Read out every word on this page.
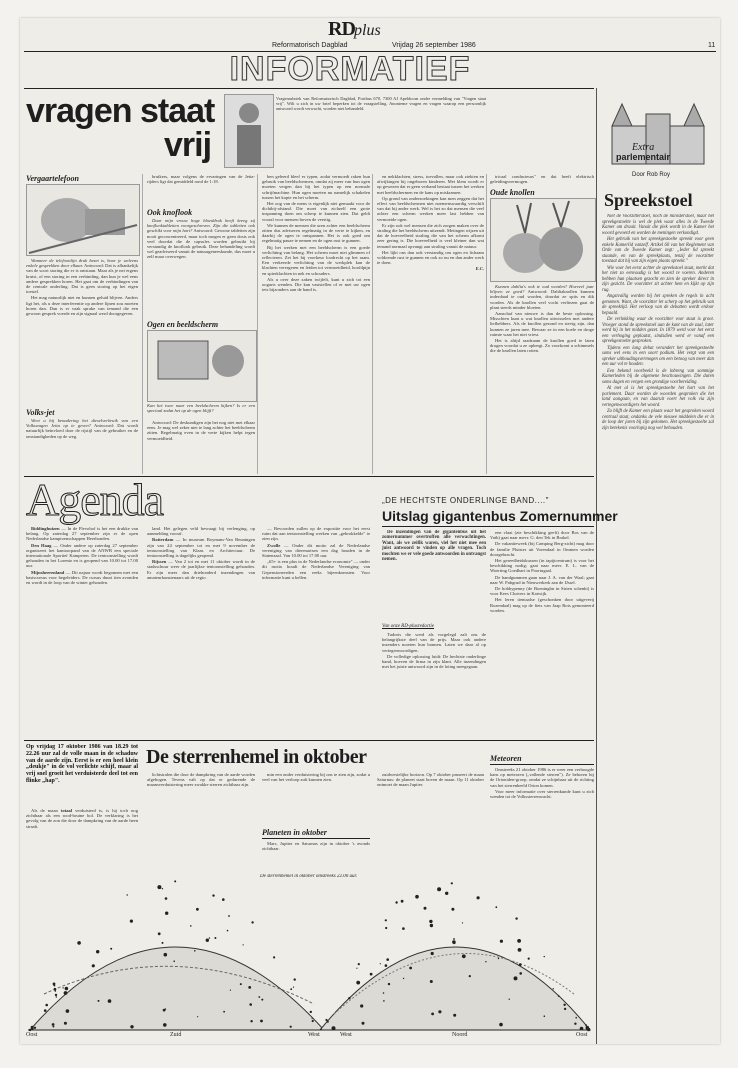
RD plus
Reformatorisch Dagblad	Vrijdag 26 september 1986	11
INFORMATIEF
vragen staat
vrij
Vragenrubriek van Reformatorisch Dagblad, Postbus 670, 7300 AJ Apeldoorn onder vermelding van "Vragen staat vrij". Wilt u zich in uw brief beperken tot de vraagstelling. Anonieme vragen en vragen waarop een persoonlijk antwoord wordt verwacht, worden niet behandeld.
Vergaartelefoon

Wanneer de telefoonlijn druk bezet is, hoor je weleens enkele gesprekken door elkaar. Antwoord: Dat is afhankelijk van de soort storing die er is ontstaan. Maar als je net ergens kruist, of een storing in een verbinding, dan kun je wel eens andere gesprekken horen. Het gaat om de verbindingen van de centrale onderling. Dat is geen storing op het eigen toestel.

Het mag natuurlijk niet en kunnen geluid blijven. Anders ligt het, als u deze interferentie op andere lijnen zou moeten horen dan. Dan is er vaak sprake van iemand die een gewoon gesprek voerde en zijn signaal werd doorgegeven.

Volks-jet

Weet u bij benadering het dieselverbruik van een Volkswagen Jetta op te geven? Antwoord: Dat wordt natuurlijk beïnvloed door de rijstijl van de gebruiker en de omstandigheden op de weg.

bruikers, maar volgens de ervaringen van de Jetta-rijders ligt dat gemiddeld rond de 1:18.

Ook knoflook

Daar mijn vrouw hoge bloeddruk heeft kreeg zij knoflooktabletten voorgeschreven. Zijn die tabletten ook geschikt voor mijn hart? Antwoord: Gewone tabletten zijn nooit geconcentreerd, maar toch mogen er geen dosis ook veel doordat die de capsules worden gebruikt bij verstandig de knoflook gebruik. Deze behandeling wordt wel geadviseerd vanuit de natuurgeneeskunde, dus moet u zelf maar overwegen.

Ogen en beeldscherm
Kan het twee naar een beeldscherm kijken? Is er een speciaal zodat het op de ogen blijft?

Antwoord: De deskundigen zijn het nog niet met elkaar eens. Je mag wel zeker niet te lang achter het beeldscherm zitten. Regelmatig even in de verte kijken helpt tegen vermoeidheid.

ben geleerd bleef er typen, zodat vermoedt raken hun gebruik van beeldschermen, omdat zij meer van hun ogen moeten vergen dan bij het typen op een normale schrijfmachine. Hun ogen moeten nu namelijk schakelen tussen het kopie en het scherm.

Het oog van de mens is eigenlijk niet gemaakt voor de dichtbij-afstand. Die moet van zichzelf een grote inspanning doen om scherp te kunnen zien. Dat geldt vooral voor mensen boven de veertig.

We kunnen de mensen die uren achter een beeldscherm zitten dus adviseren regelmatig in de verte te kijken, en daarbij de ogen te ontspannen. Het is ook goed om regelmatig pauze te nemen en de ogen rust te gunnen.

Bij het werken met een beeldscherm is een goede verlichting van belang. Het scherm moet niet glimmen of reflecteren. Zet het bij voorkeur loodrecht op het raam. Een verkeerde verlichting van de werkplek kan de klachten verergeren en leiden tot vermoeidheid, hoofdpijn en spierklachten in nek en schouders.

Als u over deze zaken twijfelt, kunt u zich tot een oogarts wenden. Die kan vaststellen of er met uw ogen iets bijzonders aan de hand is.

en nekklachten, stress, toevallen, maar ook ziekten en afwijkingen bij ongeboren kinderen. Met klem wordt er op gewezen dat er geen verband bestaat tussen het werken met beeldschermen en de kans op miskramen.

Op grond van onderzoekingen kan men zeggen dat het effect van beeldschermen niet noemenswaardig verschilt van dat bij ander werk. Wel is het zo dat mensen die veel achter een scherm werken meer last hebben van vermoeide ogen.

Er zijn ook wel mensen die zich zorgen maken over de straling die het beeldscherm uitzendt. Metingen wijzen uit dat de hoeveelheid straling die van het scherm afkomt zeer gering is. Die hoeveelheid is veel kleiner dan wat iemand normaal opvangt aan straling vanuit de natuur.

Het lijkt ons dan ook verstandig om ogen en lichaam voldoende rust te gunnen en ook zo nu en dan ander werk te doen.

E.C.

tricaal conducteurs" en dat heeft elektrisch geleidingsvermogen.

Oude knollen

Kunnen dahlia's ook te oud worden? Hoeveel jaar blijven ze goed? Antwoord: Dahliaknollen kunnen inderdaad te oud worden, doordat ze spits en dik worden. Als de knollen veel vocht verliezen gaat de plant steeds minder bloeien.

Aanschaf van nieuwe is dan de beste oplossing. Misschien kunt u wat knollen uitwisselen met andere liefhebbers. Als de knollen gezond en stevig zijn, dan kunnen ze jaren mee. Bewaar ze in een koele en droge ruimte waar het niet vriest.

Het is altijd raadzaam de knollen goed te laten drogen voordat u ze opbergt. Zo voorkomt u schimmels die de knollen laten rotten.

Agenda

Biddinghuizen — In de Flevohof is het een drukke van belang. Op zaterdag 27 september zijn er de open Nederlandse kampioenschappen Heerhonden.

Den Haag — Onder andere op zaterdag 27 september organiseert het kantoorpand van de ANWB een speciale internationale Sportief Kamperen. De tentoonstelling wordt gehouden in het Lorentz en is geopend van 10.00 tot 17.00 uur.

Mijnsheerenland — Dit najaar wordt begonnen met een basiscursus voor begeleiders. De cursus duurt tien avonden en wordt in de loop van de winter gehouden.

land. Het gelegen veld bevraagt bij verlenging, op aanmelding vooraf.

Rotterdam — In museum Boymans-Van Beuningen zijn van 24 september tot en met 9 november de tentoonstelling van Klaas en Architectuur. De tentoonstelling is dagelijks geopend.

Rijssen — Van 2 tot en met 11 oktober wordt in de stadsschuur weer de jaarlijkse tentoonstelling gehouden. Er zijn meer dan driehonderd inzendingen van amateurkunstenaars uit de regio.

— Bevoorden zullen op de expositie voor het eerst ruim dat aan tentoonstelling werken van „gebrokkelde" te zien zijn.

Zwolle — Onder dit motto zal de Nederlandse vereniging van dierenartsen een dag houden in de Statenzaal. Van 10.00 tot 17.00 uur.

„65+ is een plus in de Nederlandse economie" — onder dit motto houdt de Nederlandse Vereniging van Gepensioneerden een reeks bijeenkomsten. Voor informatie kunt u bellen.

„DE HECHTSTE ONDERLINGE BAND...."
Uitslag gigantenbus Zomernummer

De inzendingen van de gigantenbus uit het zomernummer overtroffen alle verwachtingen. Want, als we zeifik waren, viel het niet mee een juist antwoord te vinden op alle vragen. Toch mochten we er vele goede antwoorden in ontvangst nemen.

Van onze RD-plusredactie

Tudoris die werd als vorgelegd zalt ons de belangrijkste deel van de prijs. Maar ook andere inzenders moeten hun bonnen. Laten we daar al op vertegenwoordigen.

De volledige oplossing luidt: De hechtste onderlinge band, hoeven de firma in zijn klant. Alle inzendingen met het juiste antwoord zijn in de loting meegegaan.

een vlaai (zie beschikking geeft) door Bos van de Vath) gaat naar mevr. G. den Tek in Brakel.

De vakantieweek (bij Camping Berg-zicht) mag door de familie Pluister uit Vorendaal in Ommen worden doorgebracht.

Het gereedheidskussen (in tapijtcentrum) is voor het beschikking nodig; gaat naar mevr. E. L. van de Woerting Goedhart in Poortugaal.

De handgummen gaan naar J. A. van der Waal; gaat naar W. Pabgrud in Nieuwerkerk aan de IJssel.

De hobbypenny (de Boeninghn in Strien schenkt) is voor Kees Cluivers in Katwijk.

Het leren tientaalse (geschonken door uitgeverij Rozendaal) mag op de fiets van Jaap Rots gemonteerd worden.

Op vrijdag 17 oktober 1986 van 18.29 tot 22.26 uur zal de volle maan in de schaduw van de aarde zijn. Eerst is er een heel klein „deukje" in de vol verlichte schijf, maar al vrij snel groeit het verduisterde deel tot een flinke „hap".

Als de maan totaal verduisterd is, is hij toch nog zichtbaar als een rood-bruine bol. De verklaring is het gevolg van de zon die door de dampkring van de aarde heen straalt.

De sterrenhemel in oktober

lichtstralen die door de dampkring van de aarde worden afgebogen. Tevens valt op dat er gedurende de maansverduistering meer zwakke sterren zichtbaar zijn.

min een onder verduistering bij ons te zien zijn, zodat u veel van het verloop zult kunnen zien.

Planeten in oktober

Mars, Jupiter en Saturnus zijn in oktober 's avonds zichtbaar.

zuidwestelijke horizon. Op 7 oktober passeert de maan Saturnus: de planeet staat boven de maan. Op 11 oktober ontmoet de maan Jupiter.

Meteoren

Omstreeks 21 oktober 1986 is er weer een verhoogde kans op meteoren („vallende sterren"). Ze behoren bij de Orioniden-groep, omdat ze schijnbaar uit de richting van het sterrenbeeld Orion komen.

Voor meer informatie over sterrenkunde kunt u zich wenden tot de Volkssterrenwacht.

De sterrenhemel in oktober omstreeks 22.00 uur.
Oost	Zuid	West	West	Noord	Oost
Extra
parlementair
Door Rob Roy
Spreekstoel

Niet de Voorzitterstoel, noch de ministerstoel, maar het spreekgestoelte is wel de plek waar alles in de Tweede Kamer om draait. Vanuit die plek wordt in de Kamer het woord gevoerd en worden de meningen verkondigd.

Het gebruik van het spreekgestoelte spreekt voor geen enkele Kamerlid vanzelf. Artikel 60 van het Reglement van Orde van de Tweede Kamer zegt: „Ieder lid spreekt staande, en van de spreekplaats, tenzij de voorzitter toestaat dat hij van zijn eigen plaats spreekt."

Wie voor het eerst achter de spreekstoel staat, merkt dat het niet zo eenvoudig is het woord te voeren. Anderen hebben hun plaatsen gezocht en zien de spreker direct in zijn gezicht. De voorzitter zit achter hem en kijkt op zijn rug.

Angstvallig worden bij het spreken de regels in acht genomen. Want, de voorzitter let scherp op het gebruik van de spreektijd. Het verloop van de debatten wordt erdoor bepaald.

De verlokking waar de voorzitter voor staat is groot. Vroeger stond de spreekstoel aan de kant van de zaal, later werd hij in het midden gezet. In 1879 werd voor het eerst een verhoging geplaatst, sindsdien werd er vanaf een spreekgestoelte gesproken.

Tijdens een lang debat verandert het spreekgestoelte soms wel eens in een soort podium. Het vergt van een spreker uithoudingsvermogen om een betoog van meer dan een uur vol te houden.

Een bekend voorbeeld is de inbreng van sommige Kamerleden bij de algemene beschouwingen. Die duren soms dagen en vergen een grondige voorbereiding.

Al met al is het spreekgestoelte het hart van het parlement. Daar worden de woorden gesproken die het land aangaan, en van daaruit voert het volk via zijn vertegenwoordigers het woord.

Zo blijft de Kamer een plaats waar het gesproken woord centraal staat, ondanks de vele nieuwe middelen die er in de loop der jaren bij zijn gekomen. Het spreekgestoelte zal zijn betekenis voorlopig nog wel behouden.
